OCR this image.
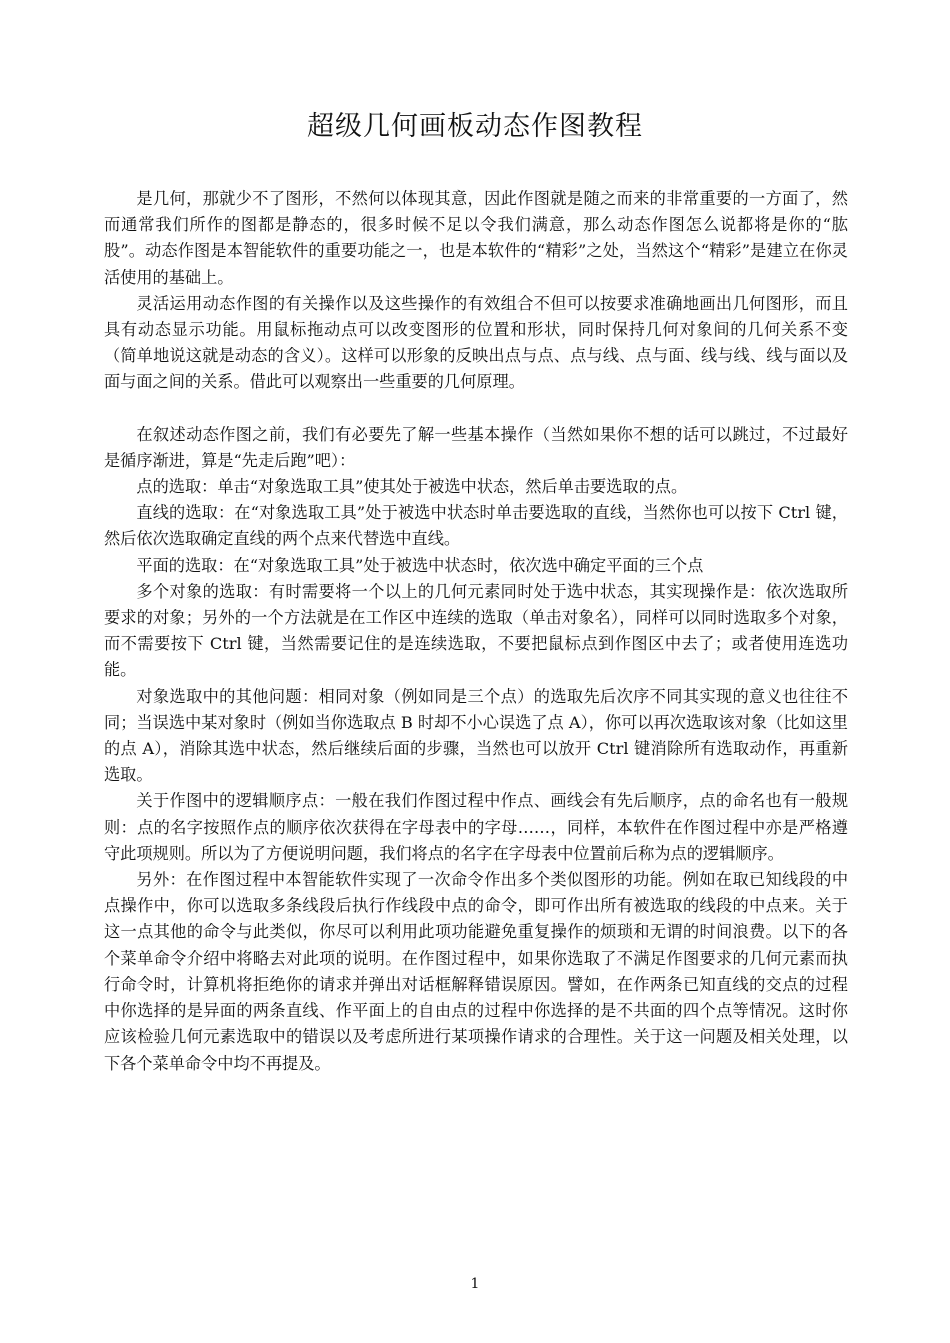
超级几何画板动态作图教程

是几何，那就少不了图形，不然何以体现其意，因此作图就是随之而来的非常重要的一方面了，然而通常我们所作的图都是静态的，很多时候不足以令我们满意，那么动态作图怎么说都将是你的“肱股”。动态作图是本智能软件的重要功能之一，也是本软件的“精彩”之处，当然这个“精彩”是建立在你灵活使用的基础上。

灵活运用动态作图的有关操作以及这些操作的有效组合不但可以按要求准确地画出几何图形，而且具有动态显示功能。用鼠标拖动点可以改变图形的位置和形状，同时保持几何对象间的几何关系不变（简单地说这就是动态的含义）。这样可以形象的反映出点与点、点与线、点与面、线与线、线与面以及面与面之间的关系。借此可以观察出一些重要的几何原理。

在叙述动态作图之前，我们有必要先了解一些基本操作（当然如果你不想的话可以跳过，不过最好是循序渐进，算是“先走后跑”吧）：

点的选取：单击“对象选取工具”使其处于被选中状态，然后单击要选取的点。

直线的选取：在“对象选取工具”处于被选中状态时单击要选取的直线，当然你也可以按下 Ctrl 键，然后依次选取确定直线的两个点来代替选中直线。

平面的选取：在“对象选取工具”处于被选中状态时，依次选中确定平面的三个点

多个对象的选取：有时需要将一个以上的几何元素同时处于选中状态，其实现操作是：依次选取所要求的对象；另外的一个方法就是在工作区中连续的选取（单击对象名），同样可以同时选取多个对象，而不需要按下 Ctrl 键，当然需要记住的是连续选取，不要把鼠标点到作图区中去了；或者使用连选功能。

对象选取中的其他问题：相同对象（例如同是三个点）的选取先后次序不同其实现的意义也往往不同；当误选中某对象时（例如当你选取点 B 时却不小心误选了点 A），你可以再次选取该对象（比如这里的点 A），消除其选中状态，然后继续后面的步骤，当然也可以放开 Ctrl 键消除所有选取动作，再重新选取。

关于作图中的逻辑顺序点：一般在我们作图过程中作点、画线会有先后顺序，点的命名也有一般规则：点的名字按照作点的顺序依次获得在字母表中的字母……，同样，本软件在作图过程中亦是严格遵守此项规则。所以为了方便说明问题，我们将点的名字在字母表中位置前后称为点的逻辑顺序。

另外：在作图过程中本智能软件实现了一次命令作出多个类似图形的功能。例如在取已知线段的中点操作中，你可以选取多条线段后执行作线段中点的命令，即可作出所有被选取的线段的中点来。关于这一点其他的命令与此类似，你尽可以利用此项功能避免重复操作的烦琐和无谓的时间浪费。以下的各个菜单命令介绍中将略去对此项的说明。在作图过程中，如果你选取了不满足作图要求的几何元素而执行命令时，计算机将拒绝你的请求并弹出对话框解释错误原因。譬如，在作两条已知直线的交点的过程中你选择的是异面的两条直线、作平面上的自由点的过程中你选择的是不共面的四个点等情况。这时你应该检验几何元素选取中的错误以及考虑所进行某项操作请求的合理性。关于这一问题及相关处理，以下各个菜单命令中均不再提及。

1
